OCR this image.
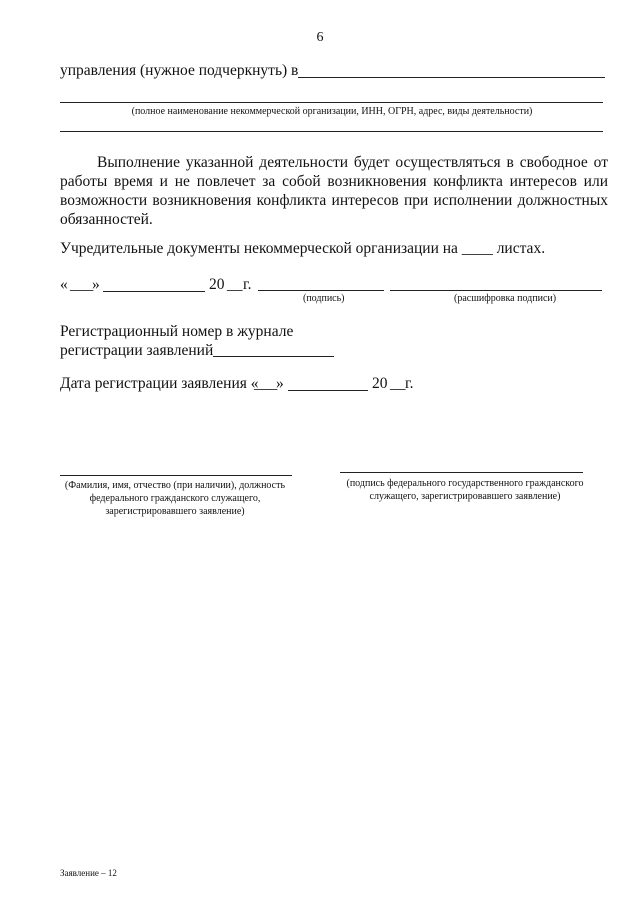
6
управления (нужное подчеркнуть) в
(полное наименование некоммерческой организации, ИНН, ОГРН, адрес, виды деятельности)
Выполнение указанной деятельности будет осуществляться в свободное от работы время и не повлечет за собой возникновения конфликта интересов или возможности возникновения конфликта интересов при исполнении должностных обязанностей.
Учредительные документы некоммерческой организации на ____ листах.
« ___
»	20 __ г.
(подпись)	(расшифровка подписи)
Регистрационный номер в журнале
регистрации заявлений
Дата регистрации заявления «
___
»	20 __ г.
(Фамилия, имя, отчество (при наличии), должность федерального гражданского служащего, зарегистрировавшего заявление)
(подпись федерального государственного гражданского служащего, зарегистрировавшего заявление)
Заявление – 12
